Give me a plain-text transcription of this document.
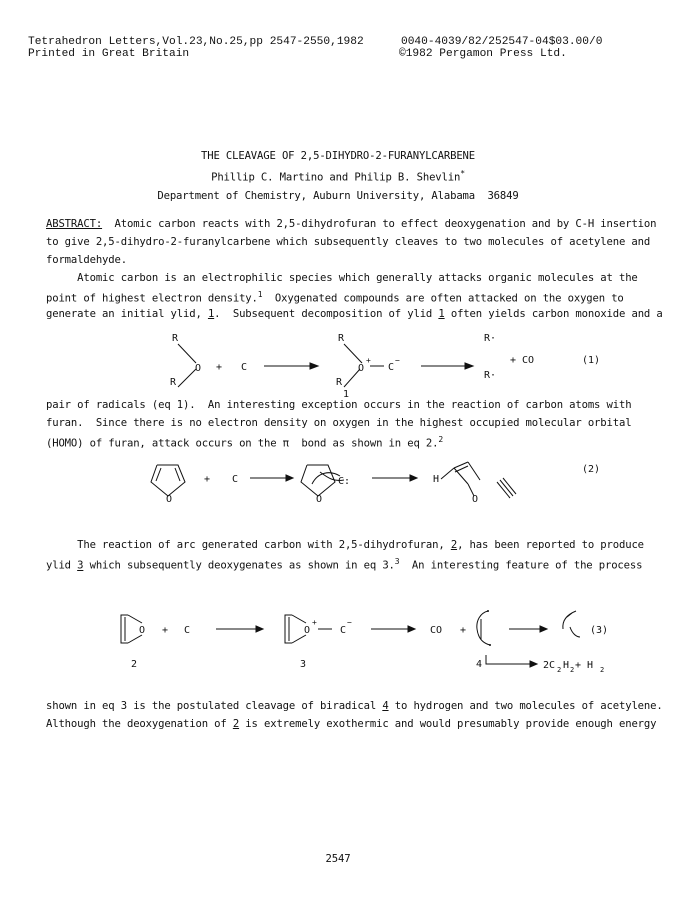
Tetrahedron Letters,Vol.23,No.25,pp 2547-2550,1982	0040-4039/82/252547-04$03.00/0
Printed in Great Britain	©1982 Pergamon Press Ltd.
THE CLEAVAGE OF 2,5-DIHYDRO-2-FURANYLCARBENE
Phillip C. Martino and Philip B. Shevlin*
Department of Chemistry, Auburn University, Alabama  36849
ABSTRACT:  Atomic carbon reacts with 2,5-dihydrofuran to effect deoxygenation and by C-H insertion
to give 2,5-dihydro-2-furanylcarbene which subsequently cleaves to two molecules of acetylene and
formaldehyde.
Atomic carbon is an electrophilic species which generally attacks organic molecules at the
point of highest electron density.$^1$  Oxygenated compounds are often attacked on the oxygen to
generate an initial ylid, 1.  Subsequent decomposition of ylid 1 often yields carbon monoxide and a
R
O
R
+ C
R
O
+
R
C
−
1
R·
R·
+ CO	(1)
pair of radicals (eq 1).  An interesting exception occurs in the reaction of carbon atoms with
furan.  Since there is no electron density on oxygen in the highest occupied molecular orbital
(HOMO) of furan, attack occurs on the π  bond as shown in eq 2.$^2$
O
+ C	C:
O
H
O
(2)
The reaction of arc generated carbon with 2,5-dihydrofuran, 2, has been reported to produce
ylid 3 which subsequently deoxygenates as shown in eq 3.$^3$  An interesting feature of the process
O + C	O
+
C
−
CO +	(3)
2	3	4	2C 2 H 2 + H 2
shown in eq 3 is the postulated cleavage of biradical 4 to hydrogen and two molecules of acetylene.
Although the deoxygenation of 2 is extremely exothermic and would presumably provide enough energy
2547
